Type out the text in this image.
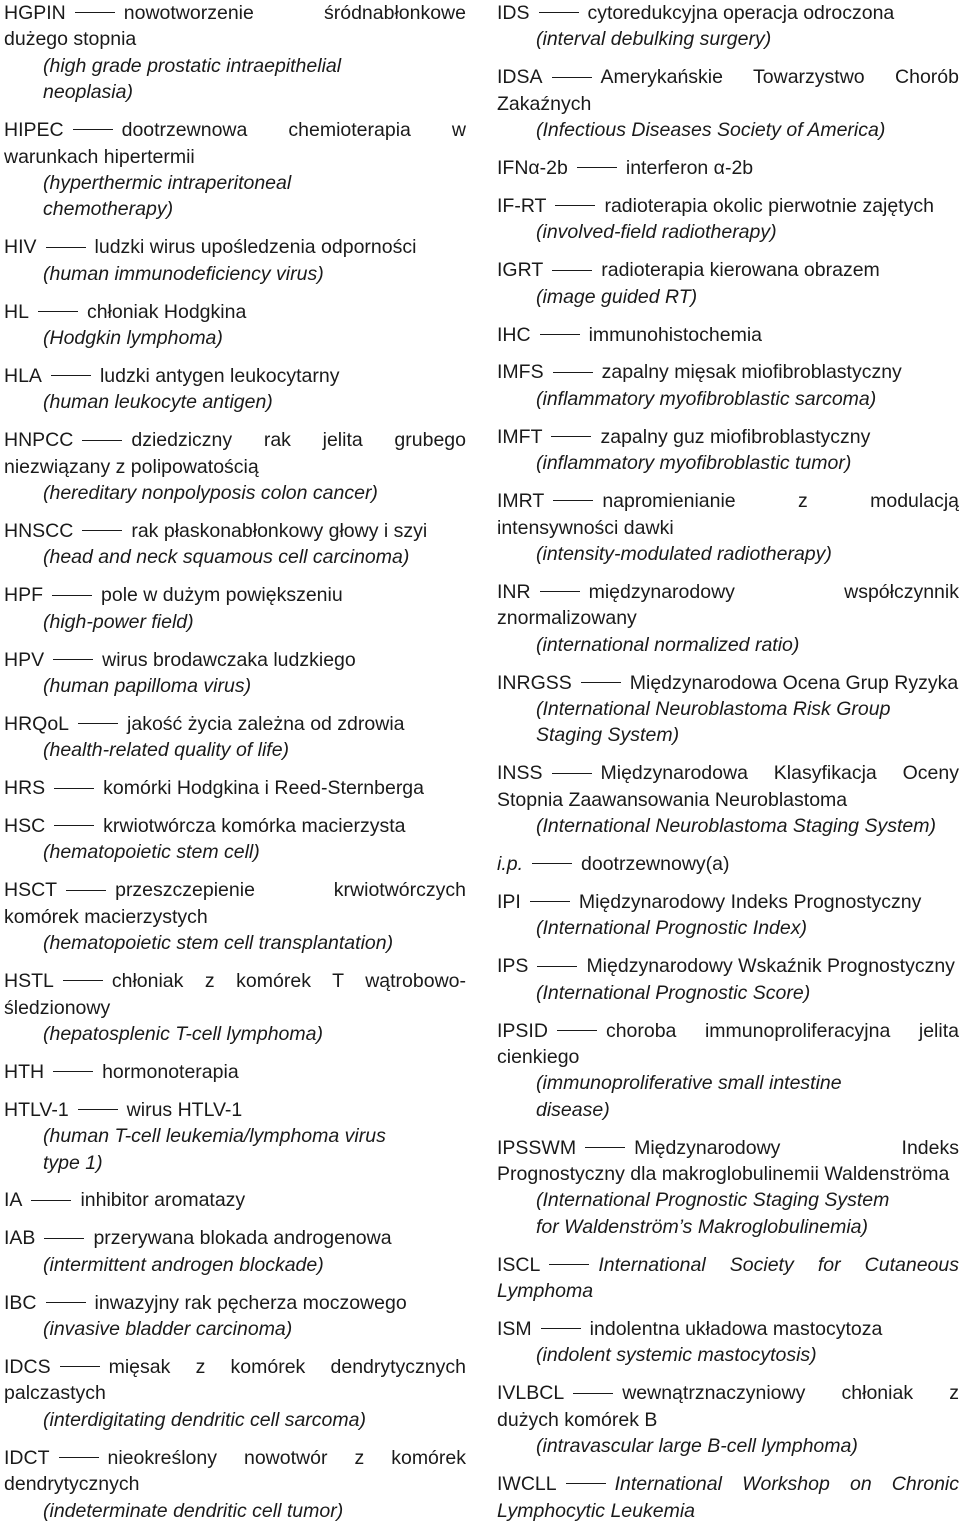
HGPIN	nowotworzenie śródnabłonkowe dużego stopnia
(high grade prostatic intraepithelial
neoplasia)
HIPEC	dootrzewnowa chemioterapia w warunkach hipertermii
(hyperthermic intraperitoneal
chemotherapy)
HIV	ludzki wirus upośledzenia odporności
(human immunodeficiency virus)
HL	chłoniak Hodgkina
(Hodgkin lymphoma)
HLA	ludzki antygen leukocytarny
(human leukocyte antigen)
HNPCC	dziedziczny rak jelita grubego niezwiązany z polipowatością
(hereditary nonpolyposis colon cancer)
HNSCC	rak płaskonabłonkowy głowy i szyi
(head and neck squamous cell carcinoma)
HPF	pole w dużym powiększeniu
(high-power field)
HPV	wirus brodawczaka ludzkiego
(human papilloma virus)
HRQoL	jakość życia zależna od zdrowia
(health-related quality of life)
HRS	komórki Hodgkina i Reed-Sternberga
HSC	krwiotwórcza komórka macierzysta
(hematopoietic stem cell)
HSCT	przeszczepienie krwiotwórczych komórek macierzystych
(hematopoietic stem cell transplantation)
HSTL	chłoniak z komórek T wątrobowo-śledzionowy
(hepatosplenic T-cell lymphoma)
HTH	hormonoterapia
HTLV-1	wirus HTLV-1
(human T-cell leukemia/lymphoma virus
type 1)
IA	inhibitor aromatazy
IAB	przerywana blokada androgenowa
(intermittent androgen blockade)
IBC	inwazyjny rak pęcherza moczowego
(invasive bladder carcinoma)
IDCS	mięsak z komórek dendrytycznych palczastych
(interdigitating dendritic cell sarcoma)
IDCT	nieokreślony nowotwór z komórek dendrytycznych
(indeterminate dendritic cell tumor)
IDS	cytoredukcyjna operacja odroczona
(interval debulking surgery)
IDSA	Amerykańskie Towarzystwo Chorób Zakaźnych
(Infectious Diseases Society of America)
IFNα-2b	interferon α-2b
IF-RT	radioterapia okolic pierwotnie zajętych
(involved-field radiotherapy)
IGRT	radioterapia kierowana obrazem
(image guided RT)
IHC	immunohistochemia
IMFS	zapalny mięsak miofibroblastyczny
(inflammatory myofibroblastic sarcoma)
IMFT	zapalny guz miofibroblastyczny
(inflammatory myofibroblastic tumor)
IMRT	napromienianie z modulacją intensywności dawki
(intensity-modulated radiotherapy)
INR	międzynarodowy współczynnik znormalizowany
(international normalized ratio)
INRGSS	Międzynarodowa Ocena Grup Ryzyka
(International Neuroblastoma Risk Group
Staging System)
INSS	Międzynarodowa Klasyfikacja Oceny Stopnia Zaawansowania Neuroblastoma
(International Neuroblastoma Staging System)
i.p.	dootrzewnowy(a)
IPI	Międzynarodowy Indeks Prognostyczny
(International Prognostic Index)
IPS	Międzynarodowy Wskaźnik Prognostyczny
(International Prognostic Score)
IPSID	choroba immunoproliferacyjna jelita cienkiego
(immunoproliferative small intestine
disease)
IPSSWM	Międzynarodowy Indeks Prognostyczny dla makroglobulinemii Waldenströma
(International Prognostic Staging System
for Waldenström’s Makroglobulinemia)
ISCL	International Society for Cutaneous Lymphoma
ISM	indolentna układowa mastocytoza
(indolent systemic mastocytosis)
IVLBCL	wewnątrznaczyniowy chłoniak z dużych komórek B
(intravascular large B-cell lymphoma)
IWCLL	International Workshop on Chronic Lymphocytic Leukemia
